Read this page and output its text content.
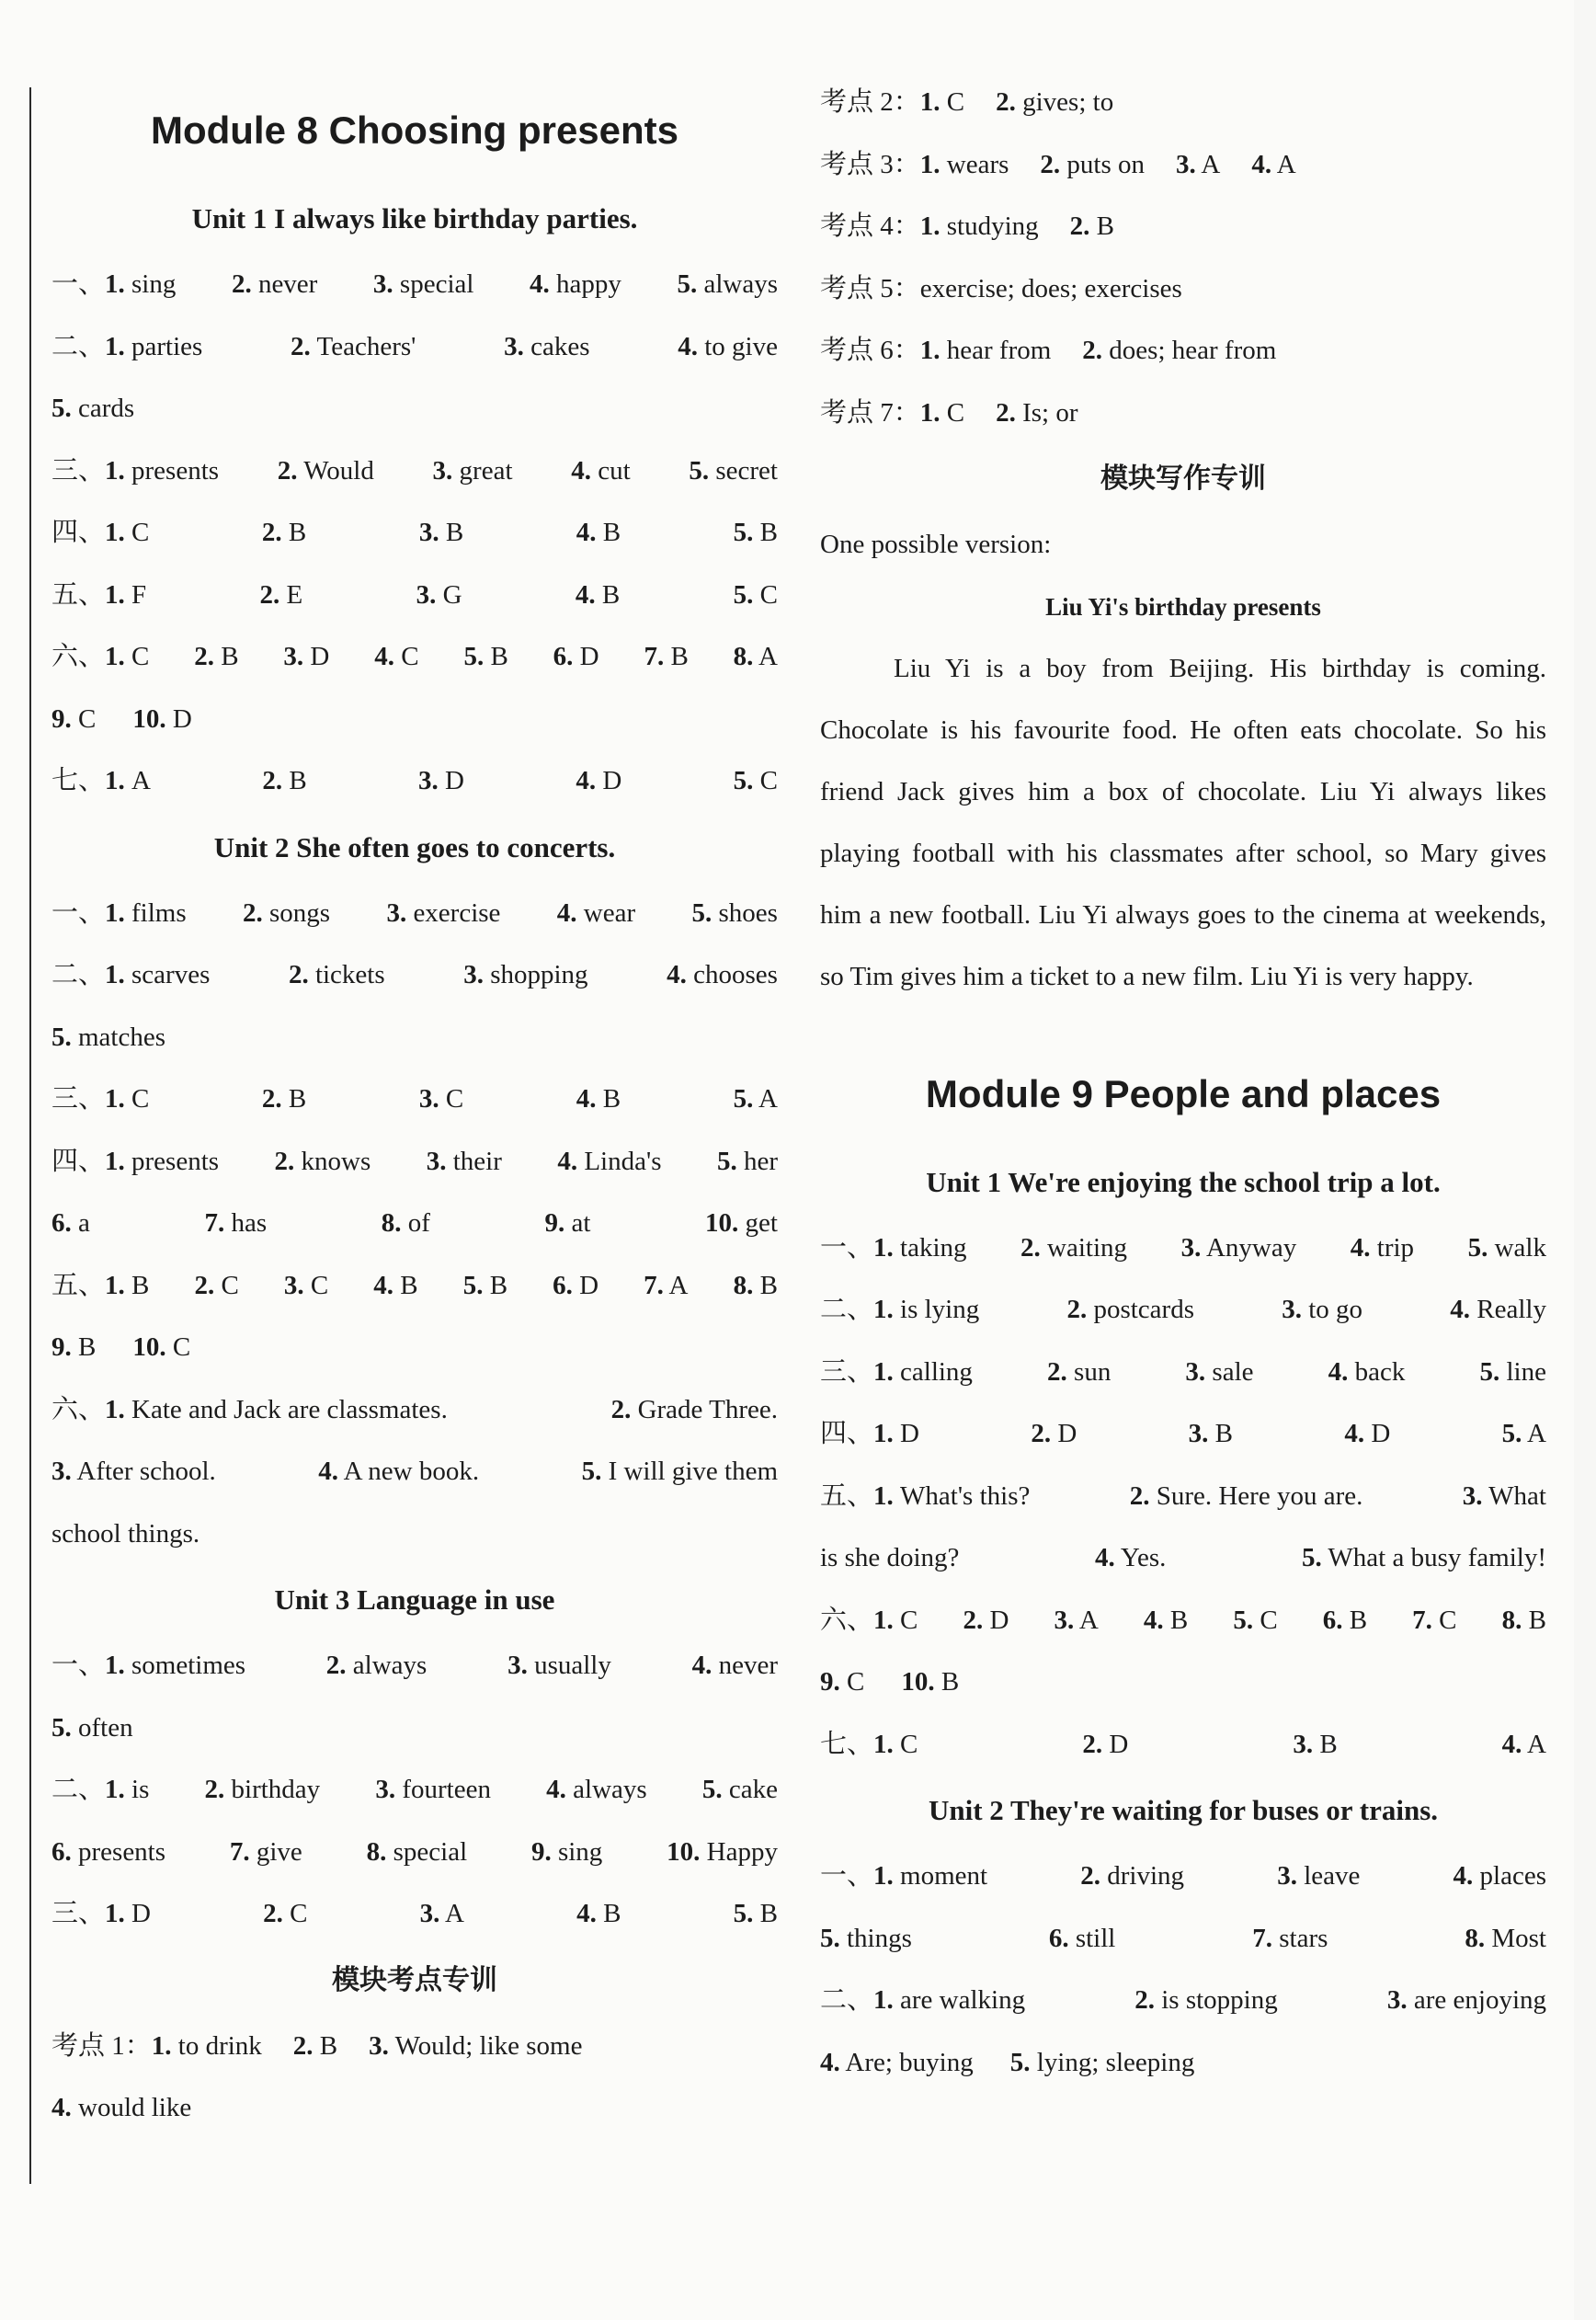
Module 8 Choosing presents
Unit 1 I always like birthday parties.
一、1. sing 2. never 3. special 4. happy 5. always
二、1. parties	2. Teachers'	3. cakes	4. to give
5. cards
三、1. presents 2. Would 3. great 4. cut 5. secret
四、1. C	2. B	3. B	4. B	5. B
五、1. F	2. E	3. G	4. B	5. C
六、1. C 2. B 3. D 4. C 5. B 6. D 7. B 8. A
9. C 10. D
七、1. A	2. B	3. D	4. D	5. C
Unit 2 She often goes to concerts.
一、1. films 2. songs 3. exercise 4. wear 5. shoes
二、1. scarves	2. tickets	3. shopping	4. chooses
5. matches
三、1. C	2. B	3. C	4. B	5. A
四、1. presents 2. knows 3. their 4. Linda's 5. her
6. a	7. has	8. of	9. at	10. get
五、1. B 2. C 3. C 4. B 5. B 6. D 7. A 8. B
9. B 10. C
六、1. Kate and Jack are classmates.	2. Grade Three.
3. After school.	4. A new book.	5. I will give them
school things.
Unit 3 Language in use
一、1. sometimes	2. always	3. usually	4. never
5. often
二、1. is 2. birthday 3. fourteen 4. always 5. cake
6. presents 7. give 8. special 9. sing 10. Happy
三、1. D	2. C	3. A	4. B	5. B
模块考点专训
考点 1：1. to drink 2. B 3. Would; like some
4. would like
考点 2：1. C 2. gives; to
考点 3：1. wears 2. puts on 3. A 4. A
考点 4：1. studying 2. B
考点 5：exercise; does; exercises
考点 6：1. hear from 2. does; hear from
考点 7：1. C 2. Is; or
模块写作专训
One possible version:
Liu Yi's birthday presents
Liu Yi is a boy from Beijing. His birthday is coming. Chocolate is his favourite food. He often eats chocolate. So his friend Jack gives him a box of chocolate. Liu Yi always likes playing football with his classmates after school, so Mary gives him a new football. Liu Yi always goes to the cinema at weekends, so Tim gives him a ticket to a new film. Liu Yi is very happy.
Module 9 People and places
Unit 1 We're enjoying the school trip a lot.
一、1. taking 2. waiting 3. Anyway 4. trip 5. walk
二、1. is lying	2. postcards	3. to go	4. Really
三、1. calling	2. sun	3. sale	4. back	5. line
四、1. D	2. D	3. B	4. D	5. A
五、1. What's this?	2. Sure. Here you are.	3. What
is she doing?	4. Yes.	5. What a busy family!
六、1. C 2. D 3. A 4. B 5. C 6. B 7. C 8. B
9. C 10. B
七、1. C	2. D	3. B	4. A
Unit 2 They're waiting for buses or trains.
一、1. moment	2. driving	3. leave	4. places
5. things	6. still	7. stars	8. Most
二、1. are walking	2. is stopping	3. are enjoying
4. Are; buying 5. lying; sleeping
